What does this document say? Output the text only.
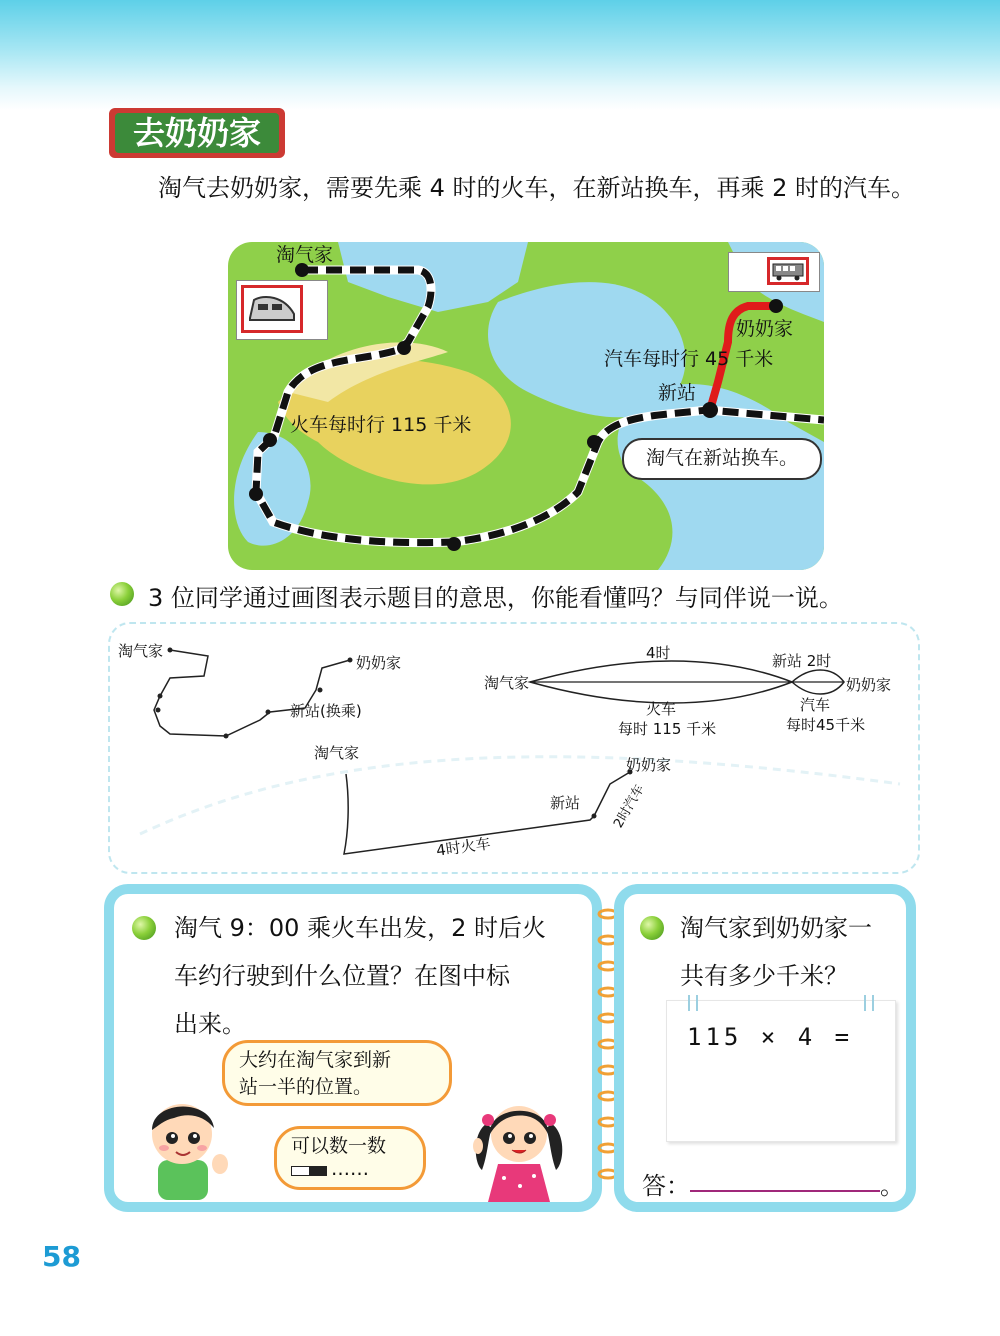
去奶奶家
淘气去奶奶家，需要先乘 4 时的火车，在新站换车，再乘 2 时的汽车。
淘气家
奶奶家
汽车每时行 45 千米
新站
火车每时行 115 千米
淘气在新站换车。
3 位同学通过画图表示题目的意思，你能看懂吗？与同伴说一说。
淘气家
新站(换乘)
奶奶家
淘气家
4时	新站 2时
奶奶家
火车
每时 115 千米
汽车
每时45千米
淘气家
新站
奶奶家
4时火车
2时汽车
淘气 9：00 乘火车出发，2 时后火
车约行驶到什么位置？在图中标
出来。
大约在淘气家到新
站一半的位置。
可以数一数
……
淘气家到奶奶家一
共有多少千米？
115 × 4 =
答：	。
58
